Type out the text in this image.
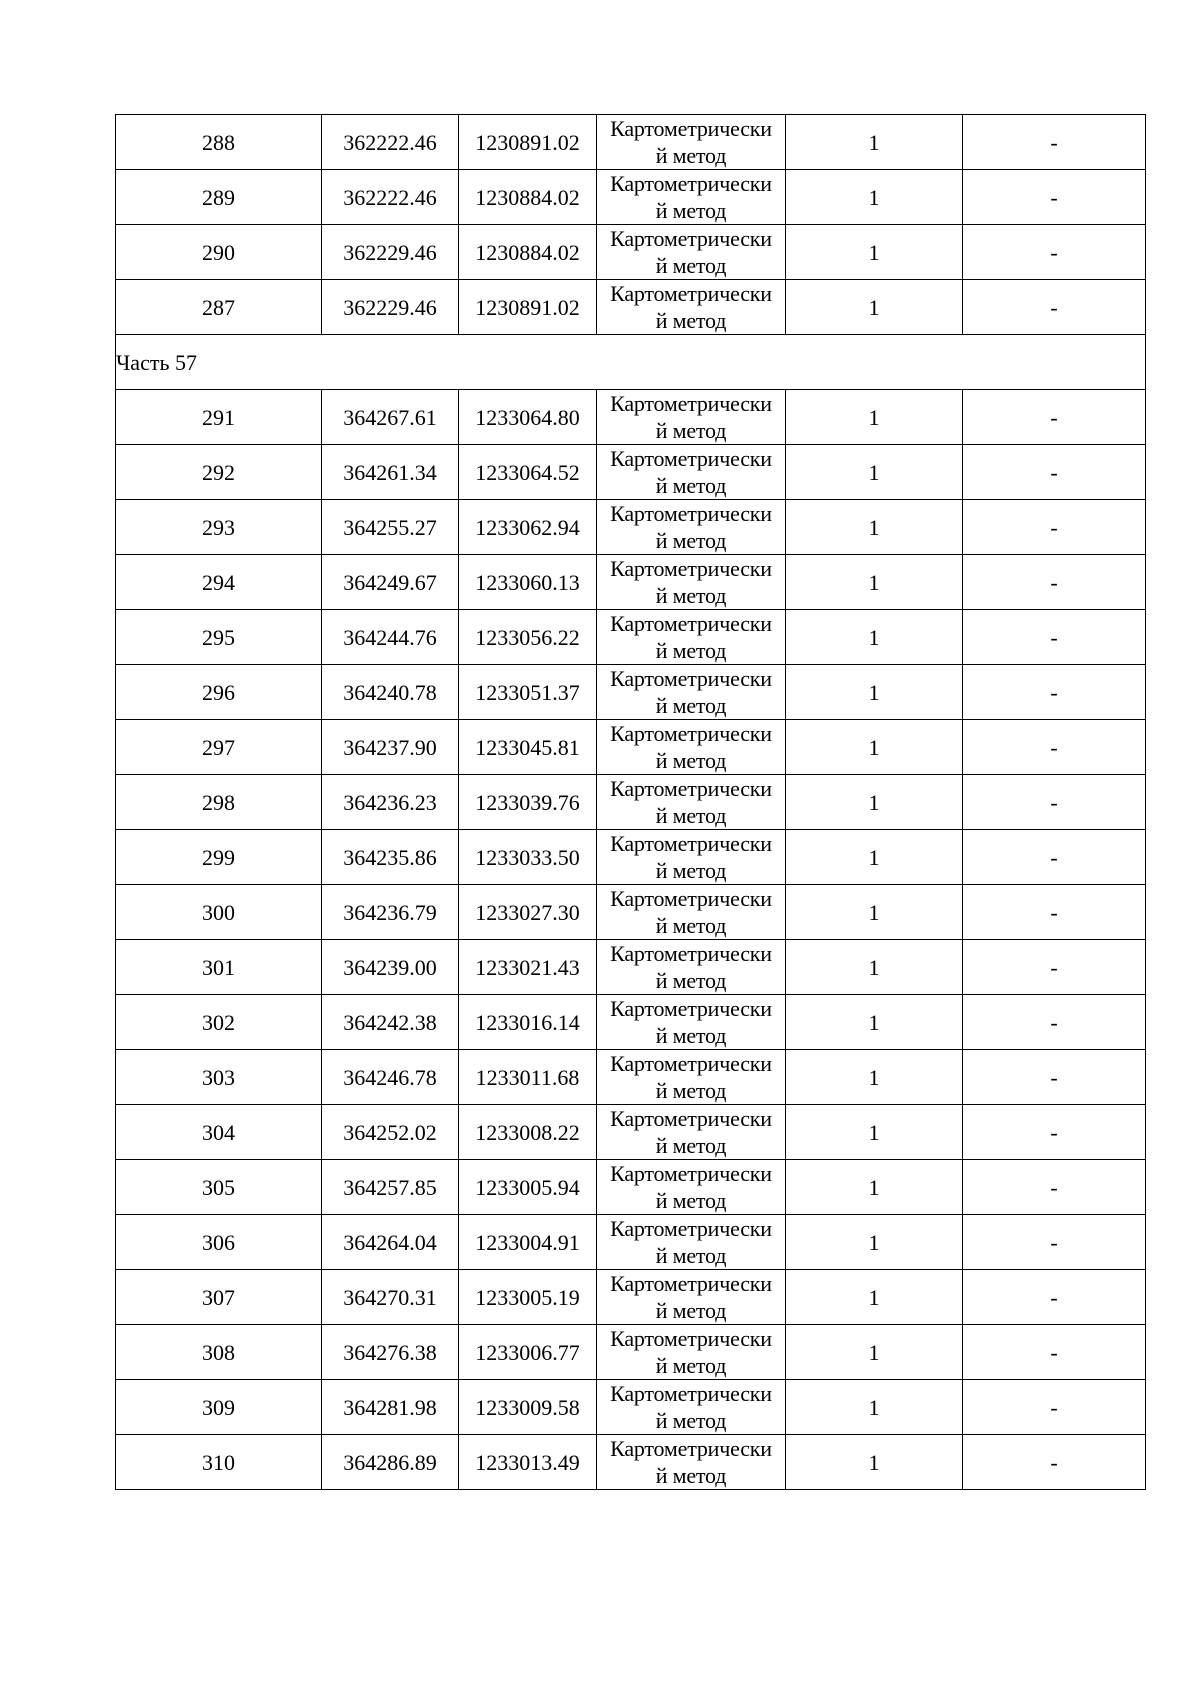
288	362222.46	1230891.02	Картометрически
й метод	1	-
289	362222.46	1230884.02	Картометрически
й метод	1	-
290	362229.46	1230884.02	Картометрически
й метод	1	-
287	362229.46	1230891.02	Картометрически
й метод	1	-
Часть 57					
291	364267.61	1233064.80	Картометрически
й метод	1	-
292	364261.34	1233064.52	Картометрически
й метод	1	-
293	364255.27	1233062.94	Картометрически
й метод	1	-
294	364249.67	1233060.13	Картометрически
й метод	1	-
295	364244.76	1233056.22	Картометрически
й метод	1	-
296	364240.78	1233051.37	Картометрически
й метод	1	-
297	364237.90	1233045.81	Картометрически
й метод	1	-
298	364236.23	1233039.76	Картометрически
й метод	1	-
299	364235.86	1233033.50	Картометрически
й метод	1	-
300	364236.79	1233027.30	Картометрически
й метод	1	-
301	364239.00	1233021.43	Картометрически
й метод	1	-
302	364242.38	1233016.14	Картометрически
й метод	1	-
303	364246.78	1233011.68	Картометрически
й метод	1	-
304	364252.02	1233008.22	Картометрически
й метод	1	-
305	364257.85	1233005.94	Картометрически
й метод	1	-
306	364264.04	1233004.91	Картометрически
й метод	1	-
307	364270.31	1233005.19	Картометрически
й метод	1	-
308	364276.38	1233006.77	Картометрически
й метод	1	-
309	364281.98	1233009.58	Картометрически
й метод	1	-
310	364286.89	1233013.49	Картометрически
й метод	1	-
